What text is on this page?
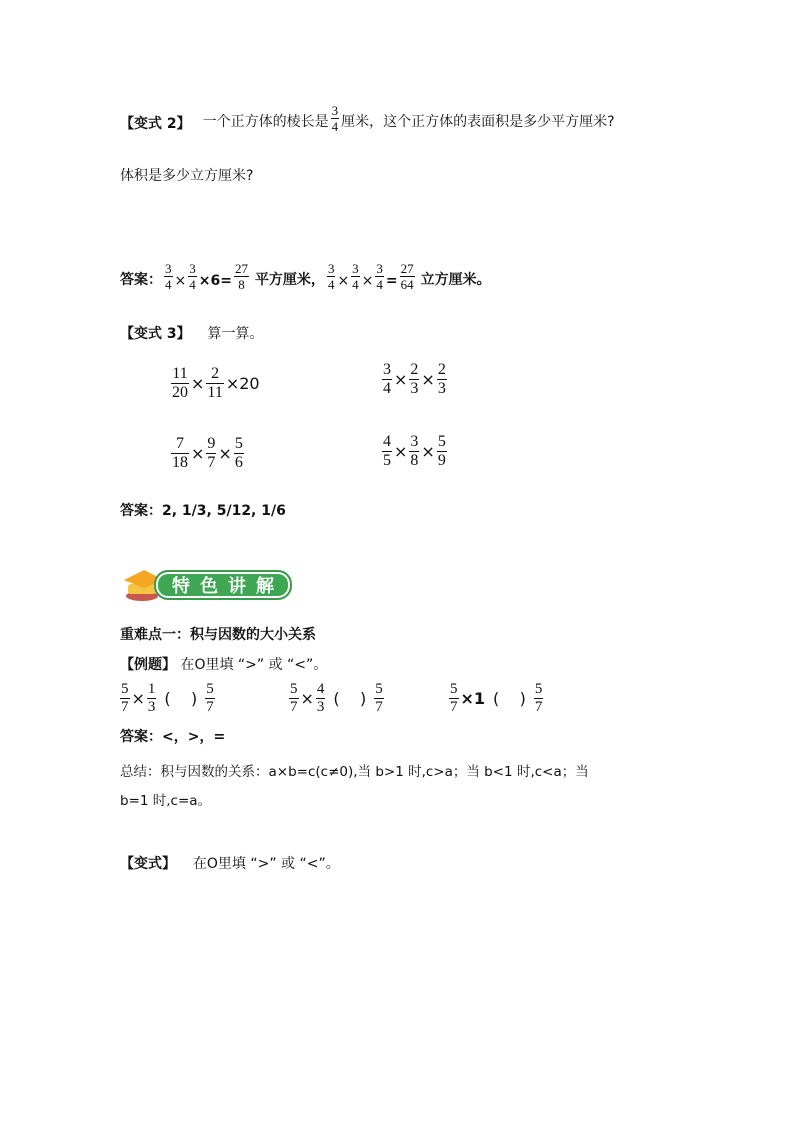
【变式 2】 一个正方体的棱长是 $\frac{3}{4}$ 厘米，这个正方体的表面积是多少平方厘米?
体积是多少立方厘米?
答案： $\frac{3}{4} \times \frac{3}{4} \times 6= \frac{27}{8}$ 平方厘米， $\frac{3}{4} \times \frac{3}{4} \times \frac{3}{4} = \frac{27}{64}$ 立方厘米。
【变式 3】 算一算。
$\frac{11}{20} \times \frac{2}{11} \times 20$	$\frac{3}{4} \times \frac{2}{3} \times \frac{2}{3}$
$\frac{7}{18} \times \frac{9}{7} \times \frac{5}{6}$	$\frac{4}{5} \times \frac{3}{8} \times \frac{5}{9}$
答案：2, 1/3, 5/12, 1/6
特色讲解
重难点一：积与因数的大小关系
【例题】 在O里填 “>” 或 “<”。
$\frac{5}{7} \times \frac{1}{3}$ (    ) $\frac{5}{7}$	$\frac{5}{7} \times \frac{4}{3}$ (    ) $\frac{5}{7}$	$\frac{5}{7} \times 1$ (    ) $\frac{5}{7}$
答案：<，>，=
总结：积与因数的关系：a×b=c(c≠0),当 b>1 时,c>a；当 b<1 时,c<a；当
b=1 时,c=a。
【变式】 在O里填 “>” 或 “<”。
